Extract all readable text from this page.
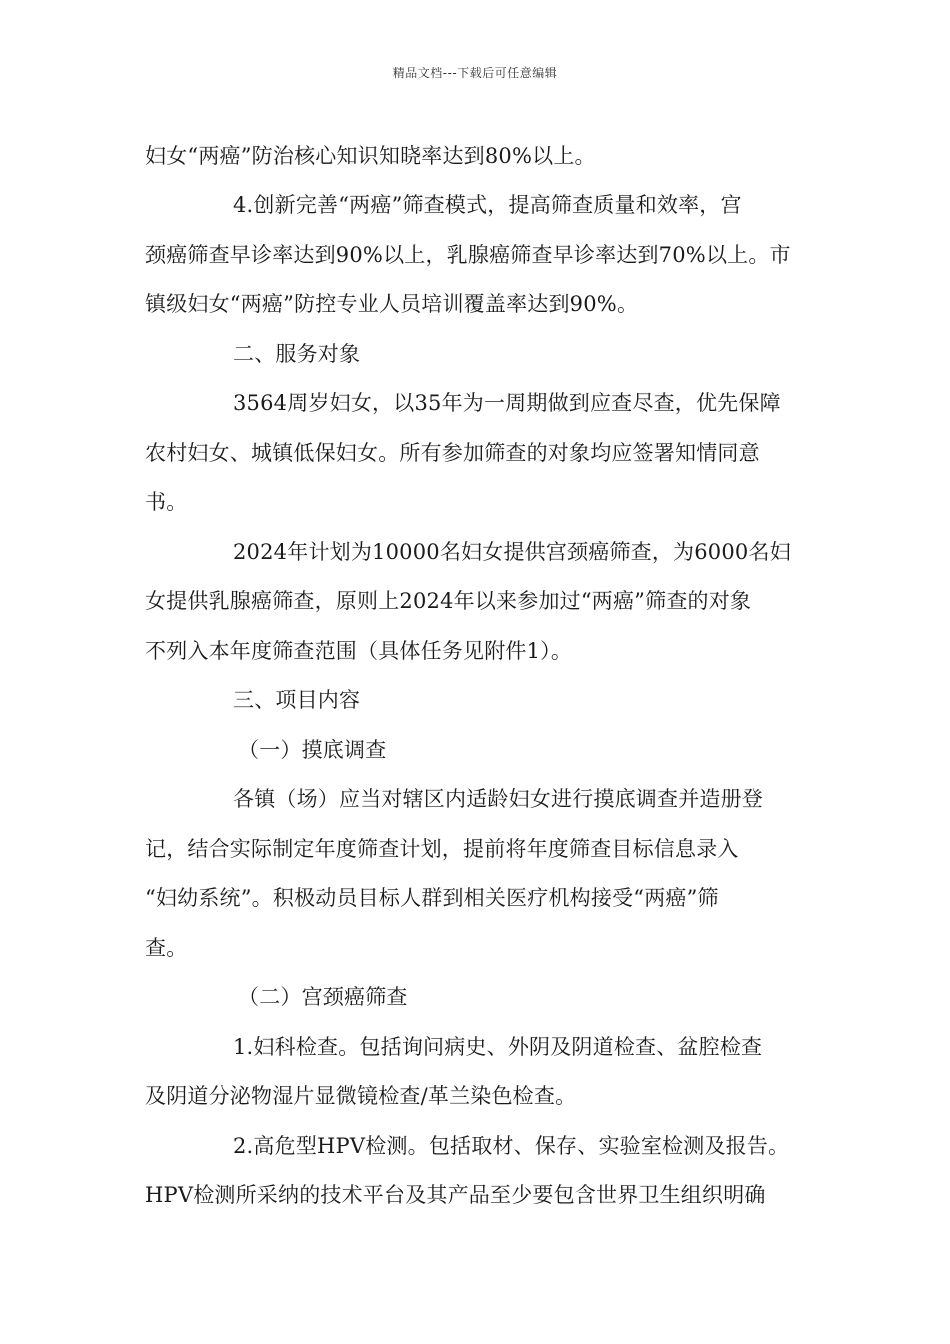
精品文档---下载后可任意编辑
妇女“两癌”防治核心知识知晓率达到80%以上。
4.创新完善“两癌”筛查模式，提高筛查质量和效率，宫
颈癌筛查早诊率达到90%以上，乳腺癌筛查早诊率达到70%以上。市
镇级妇女“两癌”防控专业人员培训覆盖率达到90%。
二、服务对象
3564周岁妇女，以35年为一周期做到应查尽查，优先保障
农村妇女、城镇低保妇女。所有参加筛查的对象均应签署知情同意
书。
2024年计划为10000名妇女提供宫颈癌筛查，为6000名妇
女提供乳腺癌筛查，原则上2024年以来参加过“两癌”筛查的对象
不列入本年度筛查范围（具体任务见附件1）。
三、项目内容
（一）摸底调查
各镇（场）应当对辖区内适龄妇女进行摸底调查并造册登
记，结合实际制定年度筛查计划，提前将年度筛查目标信息录入
“妇幼系统”。积极动员目标人群到相关医疗机构接受“两癌”筛
查。
（二）宫颈癌筛查
1.妇科检查。包括询问病史、外阴及阴道检查、盆腔检查
及阴道分泌物湿片显微镜检查/革兰染色检查。
2.高危型HPV检测。包括取材、保存、实验室检测及报告。
HPV检测所采纳的技术平台及其产品至少要包含世界卫生组织明确
